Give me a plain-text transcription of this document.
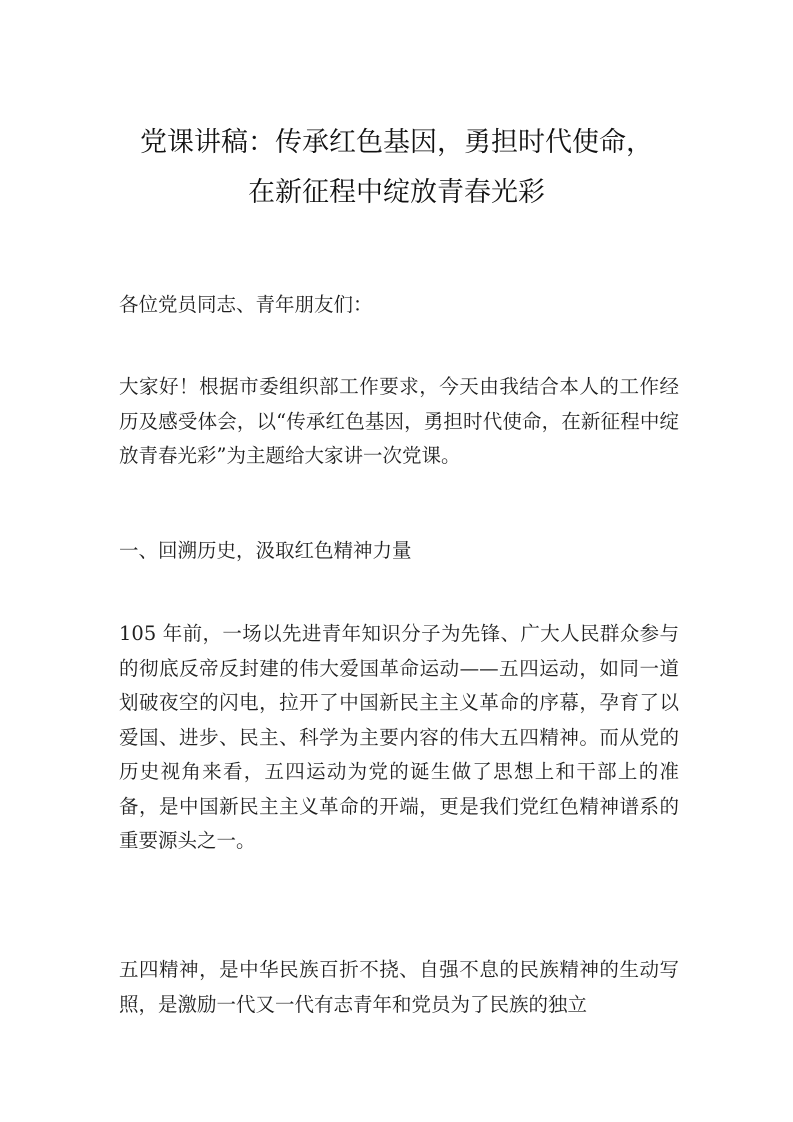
党课讲稿：传承红色基因，勇担时代使命，
在新征程中绽放青春光彩
各位党员同志、青年朋友们：
大家好！根据市委组织部工作要求，今天由我结合本人的工作经历及感受体会，以“传承红色基因，勇担时代使命，在新征程中绽放青春光彩”为主题给大家讲一次党课。
一、回溯历史，汲取红色精神力量
105 年前，一场以先进青年知识分子为先锋、广大人民群众参与的彻底反帝反封建的伟大爱国革命运动——五四运动，如同一道划破夜空的闪电，拉开了中国新民主主义革命的序幕，孕育了以爱国、进步、民主、科学为主要内容的伟大五四精神。而从党的历史视角来看，五四运动为党的诞生做了思想上和干部上的准备，是中国新民主主义革命的开端，更是我们党红色精神谱系的重要源头之一。
五四精神，是中华民族百折不挠、自强不息的民族精神的生动写照，是激励一代又一代有志青年和党员为了民族的独立
